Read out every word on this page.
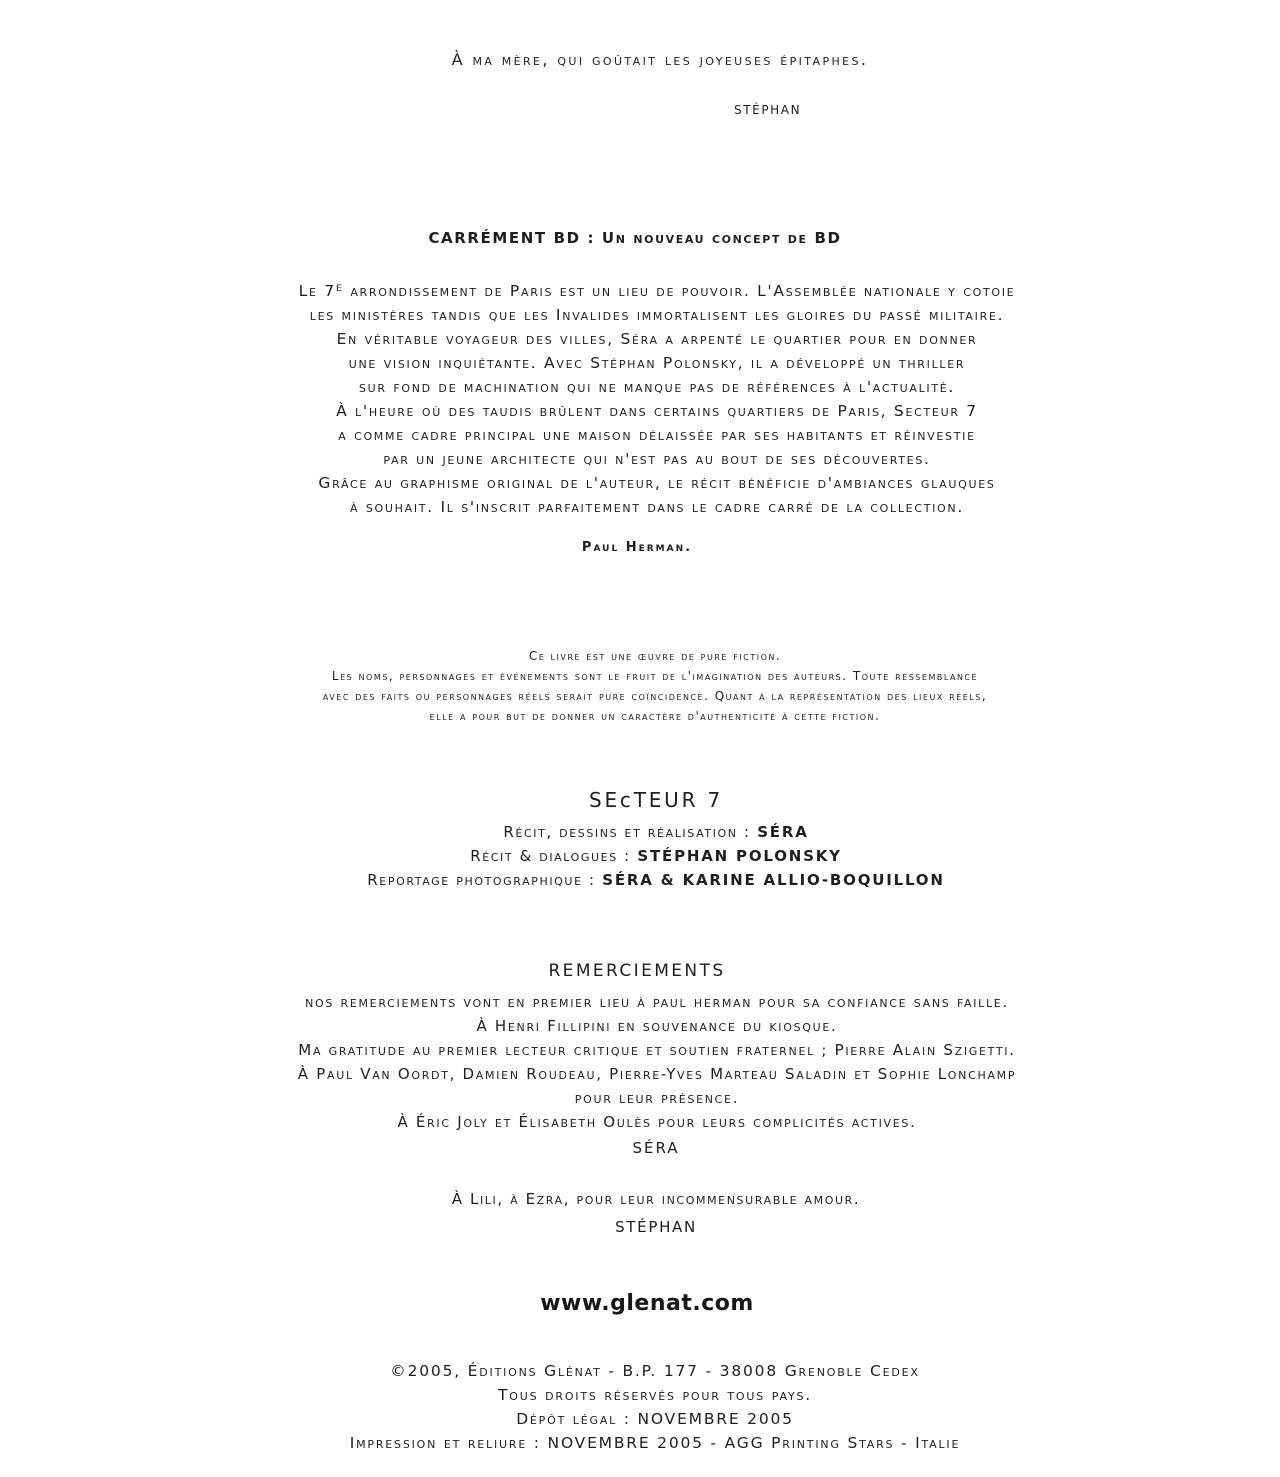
À ma mère, qui goûtait les joyeuses épitaphes.
STÉPHAN
CARRÉMENT BD : Un nouveau concept de BD
Le 7ᴱ arrondissement de Paris est un lieu de pouvoir. L'Assemblée nationale y cotoie
les ministères tandis que les Invalides immortalisent les gloires du passé militaire.
En véritable voyageur des villes, Séra a arpenté le quartier pour en donner
une vision inquiétante. Avec Stéphan Polonsky, il a développé un thriller
sur fond de machination qui ne manque pas de références à l'actualité.
À l'heure où des taudis brûlent dans certains quartiers de Paris, Secteur 7
a comme cadre principal une maison délaissée par ses habitants et réinvestie
par un jeune architecte qui n'est pas au bout de ses découvertes.
Grâce au graphisme original de l'auteur, le récit bénéficie d'ambiances glauques
à souhait. Il s'inscrit parfaitement dans le cadre carré de la collection.
Paul Herman.
Ce livre est une œuvre de pure fiction.
Les noms, personnages et événements sont le fruit de l'imagination des auteurs. Toute ressemblance
avec des faits ou personnages réels serait pure coïncidence. Quant à la représentation des lieux réels,
elle a pour but de donner un caractère d'authenticité à cette fiction.
SEcTEUR 7
Récit, dessins et réalisation : SÉRA
Récit & dialogues : STÉPHAN POLONSKY
Reportage photographique : SÉRA & KARINE ALLIO-BOQUILLON
REMERCIEMENTS
nos remerciements vont en premier lieu à paul herman pour sa confiance sans faille.
À Henri Fillipini en souvenance du kiosque.
Ma gratitude au premier lecteur critique et soutien fraternel ; Pierre Alain Szigetti.
À Paul Van Oordt, Damien Roudeau, Pierre-Yves Marteau Saladin et Sophie Lonchamp
pour leur présence.
À Éric Joly et Élisabeth Oulès pour leurs complicités actives.
SÉRA
À Lili, à Ezra, pour leur incommensurable amour.
STÉPHAN
www.glenat.com
©2005, Éditions Glénat - B.P. 177 - 38008 Grenoble Cedex
Tous droits réservés pour tous pays.
Dépôt légal : NOVEMBRE 2005
Impression et reliure : NOVEMBRE 2005 - AGG Printing Stars - Italie
